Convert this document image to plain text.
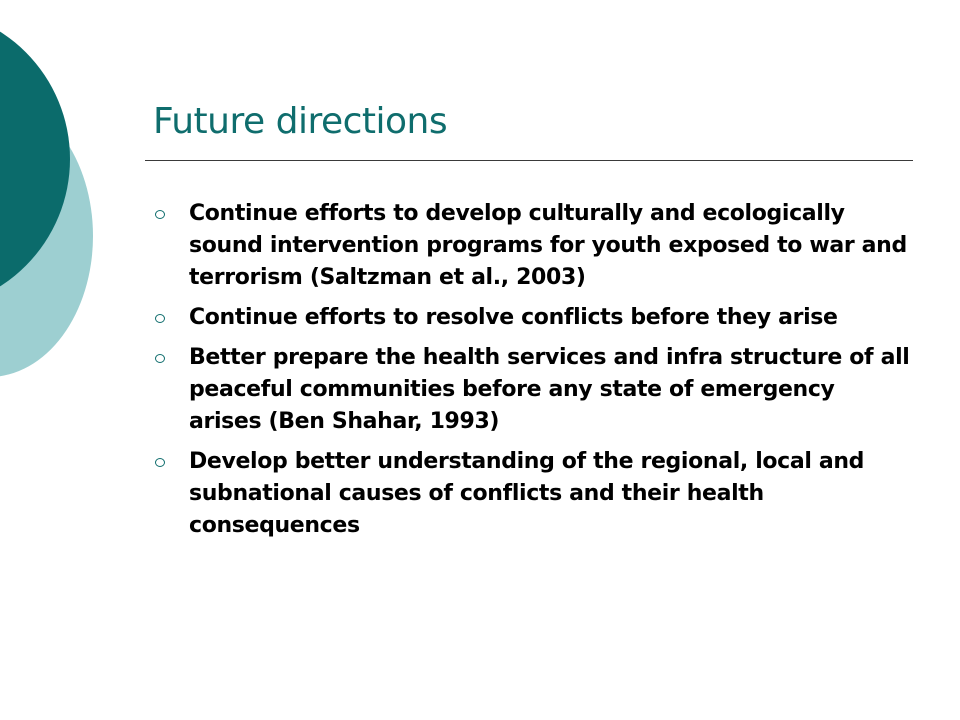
Future directions
Continue efforts to develop culturally and ecologically sound intervention programs for youth exposed to war and terrorism (Saltzman et al., 2003)
Continue efforts to resolve conflicts before they arise
Better prepare the health services and infra structure of all peaceful communities before any state of emergency arises (Ben Shahar, 1993)
Develop better understanding of the regional, local and subnational causes of conflicts and their health consequences
